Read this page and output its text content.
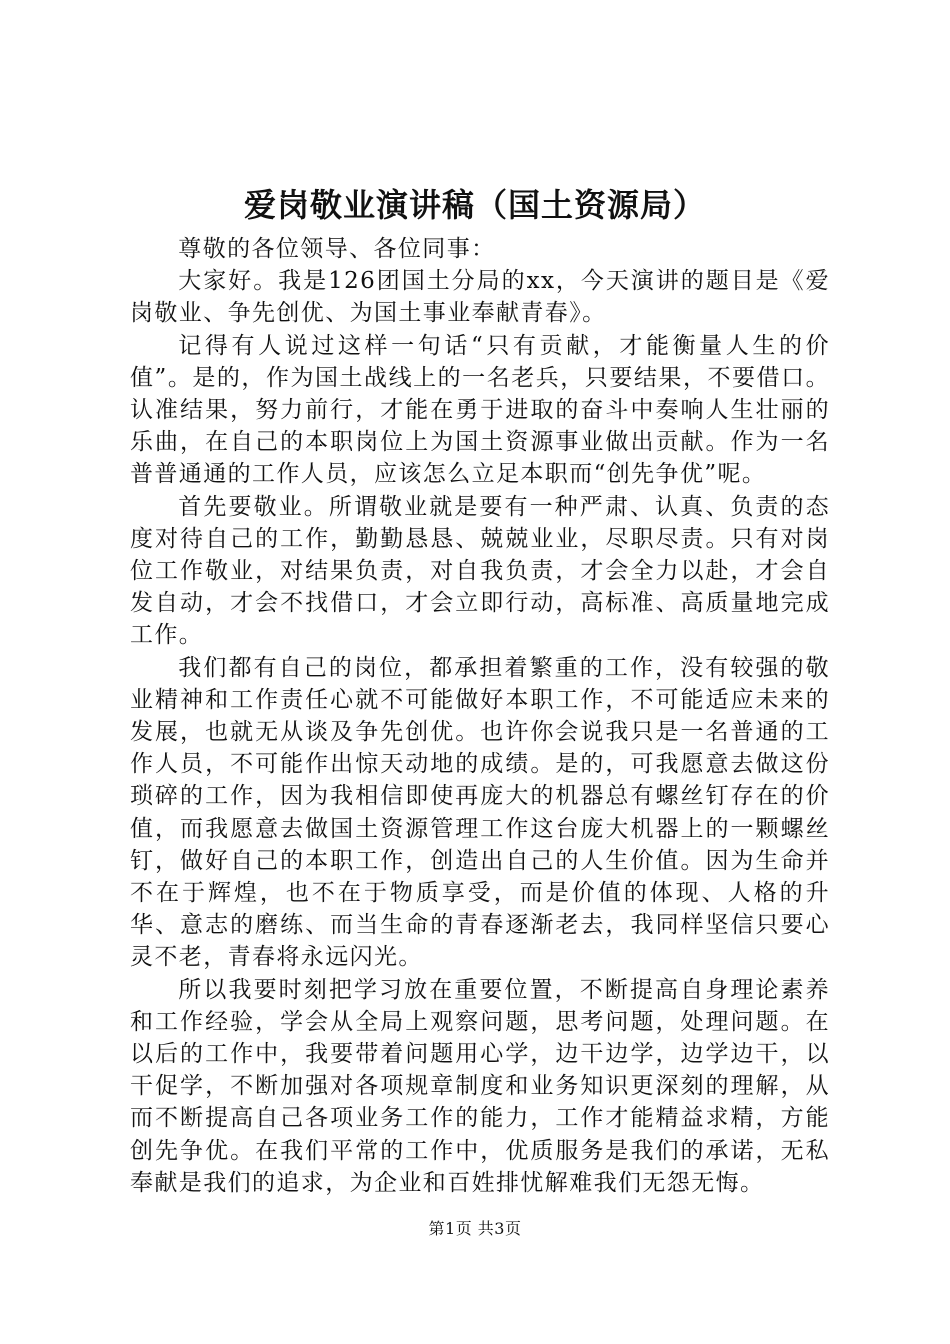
爱岗敬业演讲稿（国土资源局）

尊敬的各位领导、各位同事：

大家好。我是126团国土分局的xx，今天演讲的题目是《爱岗敬业、争先创优、为国土事业奉献青春》。

记得有人说过这样一句话“只有贡献，才能衡量人生的价值”。是的，作为国土战线上的一名老兵，只要结果，不要借口。认准结果，努力前行，才能在勇于进取的奋斗中奏响人生壮丽的乐曲，在自己的本职岗位上为国土资源事业做出贡献。作为一名普普通通的工作人员，应该怎么立足本职而“创先争优”呢。

首先要敬业。所谓敬业就是要有一种严肃、认真、负责的态度对待自己的工作，勤勤恳恳、兢兢业业，尽职尽责。只有对岗位工作敬业，对结果负责，对自我负责，才会全力以赴，才会自发自动，才会不找借口，才会立即行动，高标准、高质量地完成工作。

我们都有自己的岗位，都承担着繁重的工作，没有较强的敬业精神和工作责任心就不可能做好本职工作，不可能适应未来的发展，也就无从谈及争先创优。也许你会说我只是一名普通的工作人员，不可能作出惊天动地的成绩。是的，可我愿意去做这份琐碎的工作，因为我相信即使再庞大的机器总有螺丝钉存在的价值，而我愿意去做国土资源管理工作这台庞大机器上的一颗螺丝钉，做好自己的本职工作，创造出自己的人生价值。因为生命并不在于辉煌，也不在于物质享受，而是价值的体现、人格的升华、意志的磨练、而当生命的青春逐渐老去，我同样坚信只要心灵不老，青春将永远闪光。

所以我要时刻把学习放在重要位置，不断提高自身理论素养和工作经验，学会从全局上观察问题，思考问题，处理问题。在以后的工作中，我要带着问题用心学，边干边学，边学边干，以干促学，不断加强对各项规章制度和业务知识更深刻的理解，从而不断提高自己各项业务工作的能力，工作才能精益求精，方能创先争优。在我们平常的工作中，优质服务是我们的承诺，无私奉献是我们的追求，为企业和百姓排忧解难我们无怨无悔。

第1页 共3页
